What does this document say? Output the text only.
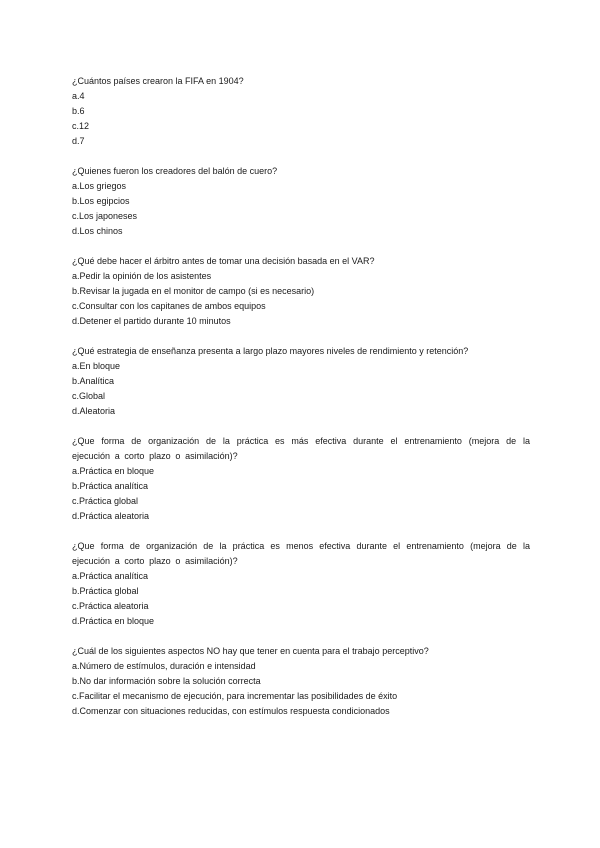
¿Cuántos países crearon la FIFA en 1904?

a.4

b.6

c.12

d.7

¿Quienes fueron los creadores del balón de cuero?

a.Los griegos

b.Los egipcios

c.Los japoneses

d.Los chinos

¿Qué debe hacer el árbitro antes de tomar una decisión basada en el VAR?

a.Pedir la opinión de los asistentes

b.Revisar la jugada en el monitor de campo (si es necesario)

c.Consultar con los capitanes de ambos equipos

d.Detener el partido durante 10 minutos

¿Qué estrategia de enseñanza presenta a largo plazo mayores niveles de rendimiento y retención?

a.En bloque

b.Analítica

c.Global

d.Aleatoria

¿Que forma de organización de la práctica es más efectiva durante el entrenamiento (mejora de la ejecución a corto plazo o asimilación)?

a.Práctica en bloque

b.Práctica analítica

c.Práctica global

d.Práctica aleatoria

¿Que forma de organización de la práctica es menos efectiva durante el entrenamiento (mejora de la ejecución a corto plazo o asimilación)?

a.Práctica analítica

b.Práctica global

c.Práctica aleatoria

d.Práctica en bloque

¿Cuál de los siguientes aspectos NO hay que tener en cuenta para el trabajo perceptivo?

a.Número de estímulos, duración e intensidad

b.No dar información sobre la solución correcta

c.Facilitar el mecanismo de ejecución, para incrementar las posibilidades de éxito

d.Comenzar con situaciones reducidas, con estímulos respuesta condicionados
